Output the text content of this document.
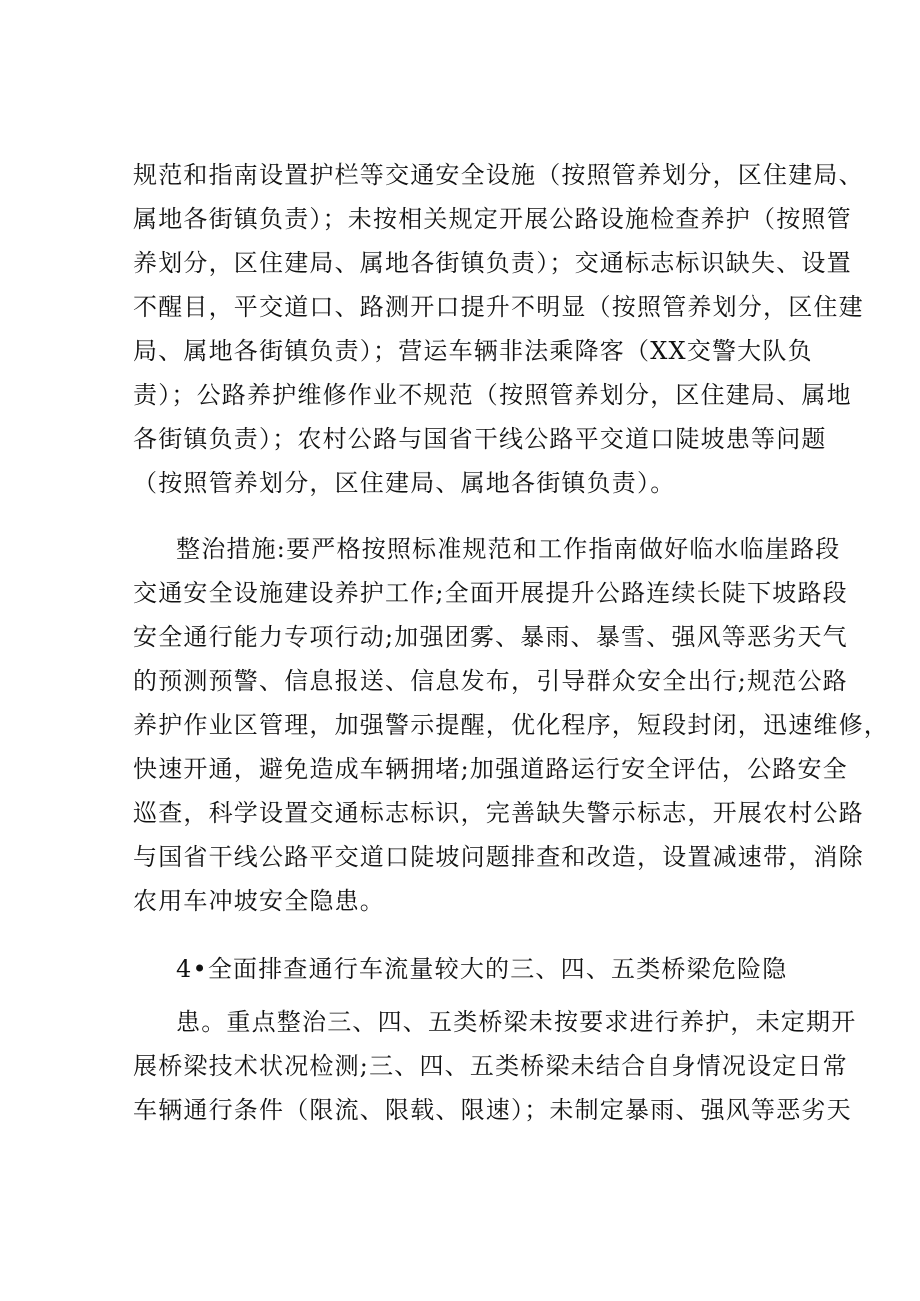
规范和指南设置护栏等交通安全设施（按照管养划分，区住建局、
属地各街镇负责）；未按相关规定开展公路设施检查养护（按照管
养划分，区住建局、属地各街镇负责）；交通标志标识缺失、设置
不醒目，平交道口、路测开口提升不明显（按照管养划分，区住建
局、属地各街镇负责）；营运车辆非法乘降客（XX交警大队负
责）；公路养护维修作业不规范（按照管养划分，区住建局、属地
各街镇负责）；农村公路与国省干线公路平交道口陡坡患等问题
（按照管养划分，区住建局、属地各街镇负责）。
整治措施:要严格按照标准规范和工作指南做好临水临崖路段
交通安全设施建设养护工作;全面开展提升公路连续长陡下坡路段
安全通行能力专项行动;加强团雾、暴雨、暴雪、强风等恶劣天气
的预测预警、信息报送、信息发布，引导群众安全出行;规范公路
养护作业区管理，加强警示提醒，优化程序，短段封闭，迅速维修，
快速开通，避免造成车辆拥堵;加强道路运行安全评估，公路安全
巡查，科学设置交通标志标识，完善缺失警示标志，开展农村公路
与国省干线公路平交道口陡坡问题排查和改造，设置减速带，消除
农用车冲坡安全隐患。
4•全面排查通行车流量较大的三、四、五类桥梁危险隐
患。重点整治三、四、五类桥梁未按要求进行养护，未定期开
展桥梁技术状况检测;三、四、五类桥梁未结合自身情况设定日常
车辆通行条件（限流、限载、限速）；未制定暴雨、强风等恶劣天
